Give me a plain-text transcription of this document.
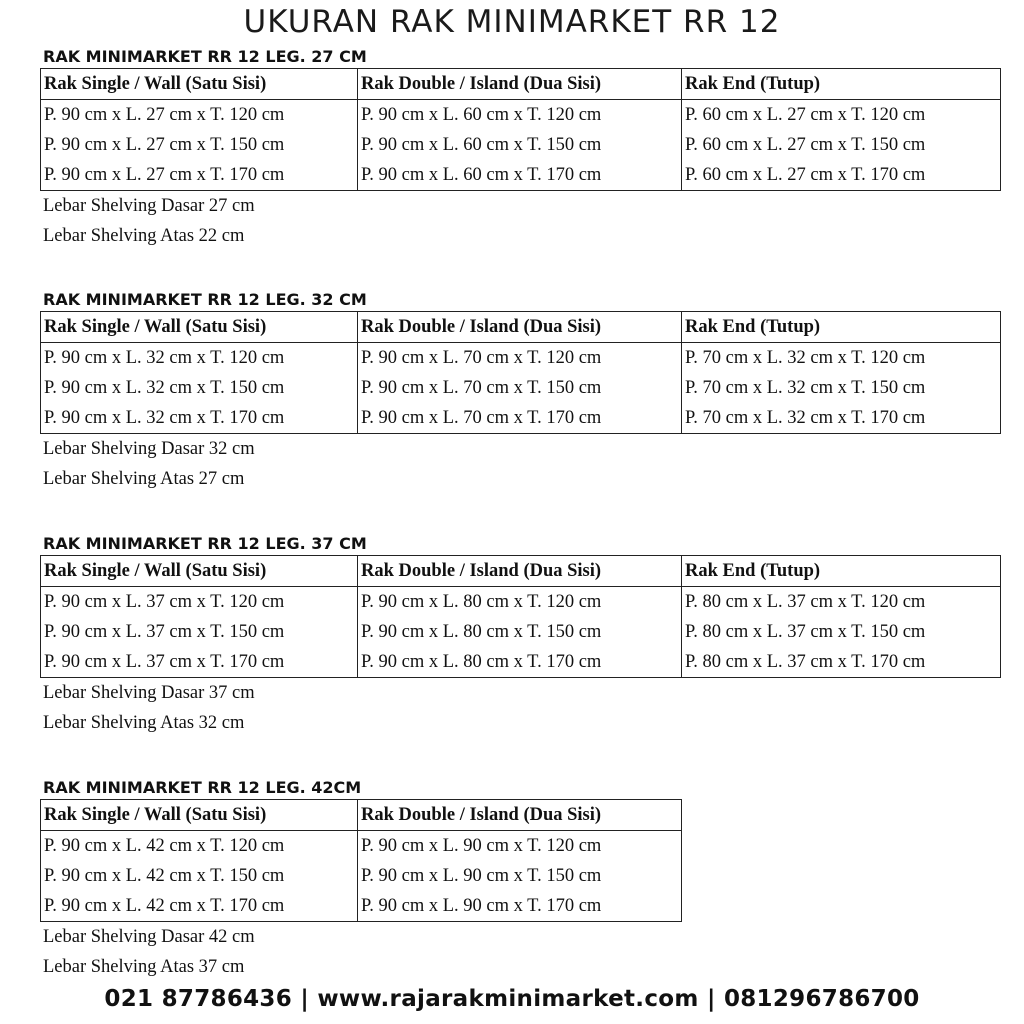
UKURAN RAK MINIMARKET RR 12
RAK MINIMARKET RR 12 LEG. 27 CM
Rak Single / Wall (Satu Sisi)	Rak Double / Island (Dua Sisi)	Rak End (Tutup)
P. 90 cm x L. 27 cm x T. 120 cm	P. 90 cm x L. 60 cm x T. 120 cm	P. 60 cm x L. 27 cm x T. 120 cm
P. 90 cm x L. 27 cm x T. 150 cm	P. 90 cm x L. 60 cm x T. 150 cm	P. 60 cm x L. 27 cm x T. 150 cm
P. 90 cm x L. 27 cm x T. 170 cm	P. 90 cm x L. 60 cm x T. 170 cm	P. 60 cm x L. 27 cm x T. 170 cm
Lebar Shelving Dasar 27 cm
Lebar Shelving Atas 22 cm
RAK MINIMARKET RR 12 LEG. 32 CM
Rak Single / Wall (Satu Sisi)	Rak Double / Island (Dua Sisi)	Rak End (Tutup)
P. 90 cm x L. 32 cm x T. 120 cm	P. 90 cm x L. 70 cm x T. 120 cm	P. 70 cm x L. 32 cm x T. 120 cm
P. 90 cm x L. 32 cm x T. 150 cm	P. 90 cm x L. 70 cm x T. 150 cm	P. 70 cm x L. 32 cm x T. 150 cm
P. 90 cm x L. 32 cm x T. 170 cm	P. 90 cm x L. 70 cm x T. 170 cm	P. 70 cm x L. 32 cm x T. 170 cm
Lebar Shelving Dasar 32 cm
Lebar Shelving Atas 27 cm
RAK MINIMARKET RR 12 LEG. 37 CM
Rak Single / Wall (Satu Sisi)	Rak Double / Island (Dua Sisi)	Rak End (Tutup)
P. 90 cm x L. 37 cm x T. 120 cm	P. 90 cm x L. 80 cm x T. 120 cm	P. 80 cm x L. 37 cm x T. 120 cm
P. 90 cm x L. 37 cm x T. 150 cm	P. 90 cm x L. 80 cm x T. 150 cm	P. 80 cm x L. 37 cm x T. 150 cm
P. 90 cm x L. 37 cm x T. 170 cm	P. 90 cm x L. 80 cm x T. 170 cm	P. 80 cm x L. 37 cm x T. 170 cm
Lebar Shelving Dasar 37 cm
Lebar Shelving Atas 32 cm
RAK MINIMARKET RR 12 LEG. 42CM
Rak Single / Wall (Satu Sisi)	Rak Double / Island (Dua Sisi)
P. 90 cm x L. 42 cm x T. 120 cm	P. 90 cm x L. 90 cm x T. 120 cm
P. 90 cm x L. 42 cm x T. 150 cm	P. 90 cm x L. 90 cm x T. 150 cm
P. 90 cm x L. 42 cm x T. 170 cm	P. 90 cm x L. 90 cm x T. 170 cm
Lebar Shelving Dasar 42 cm
Lebar Shelving Atas 37 cm
021 87786436 | www.rajarakminimarket.com | 081296786700
